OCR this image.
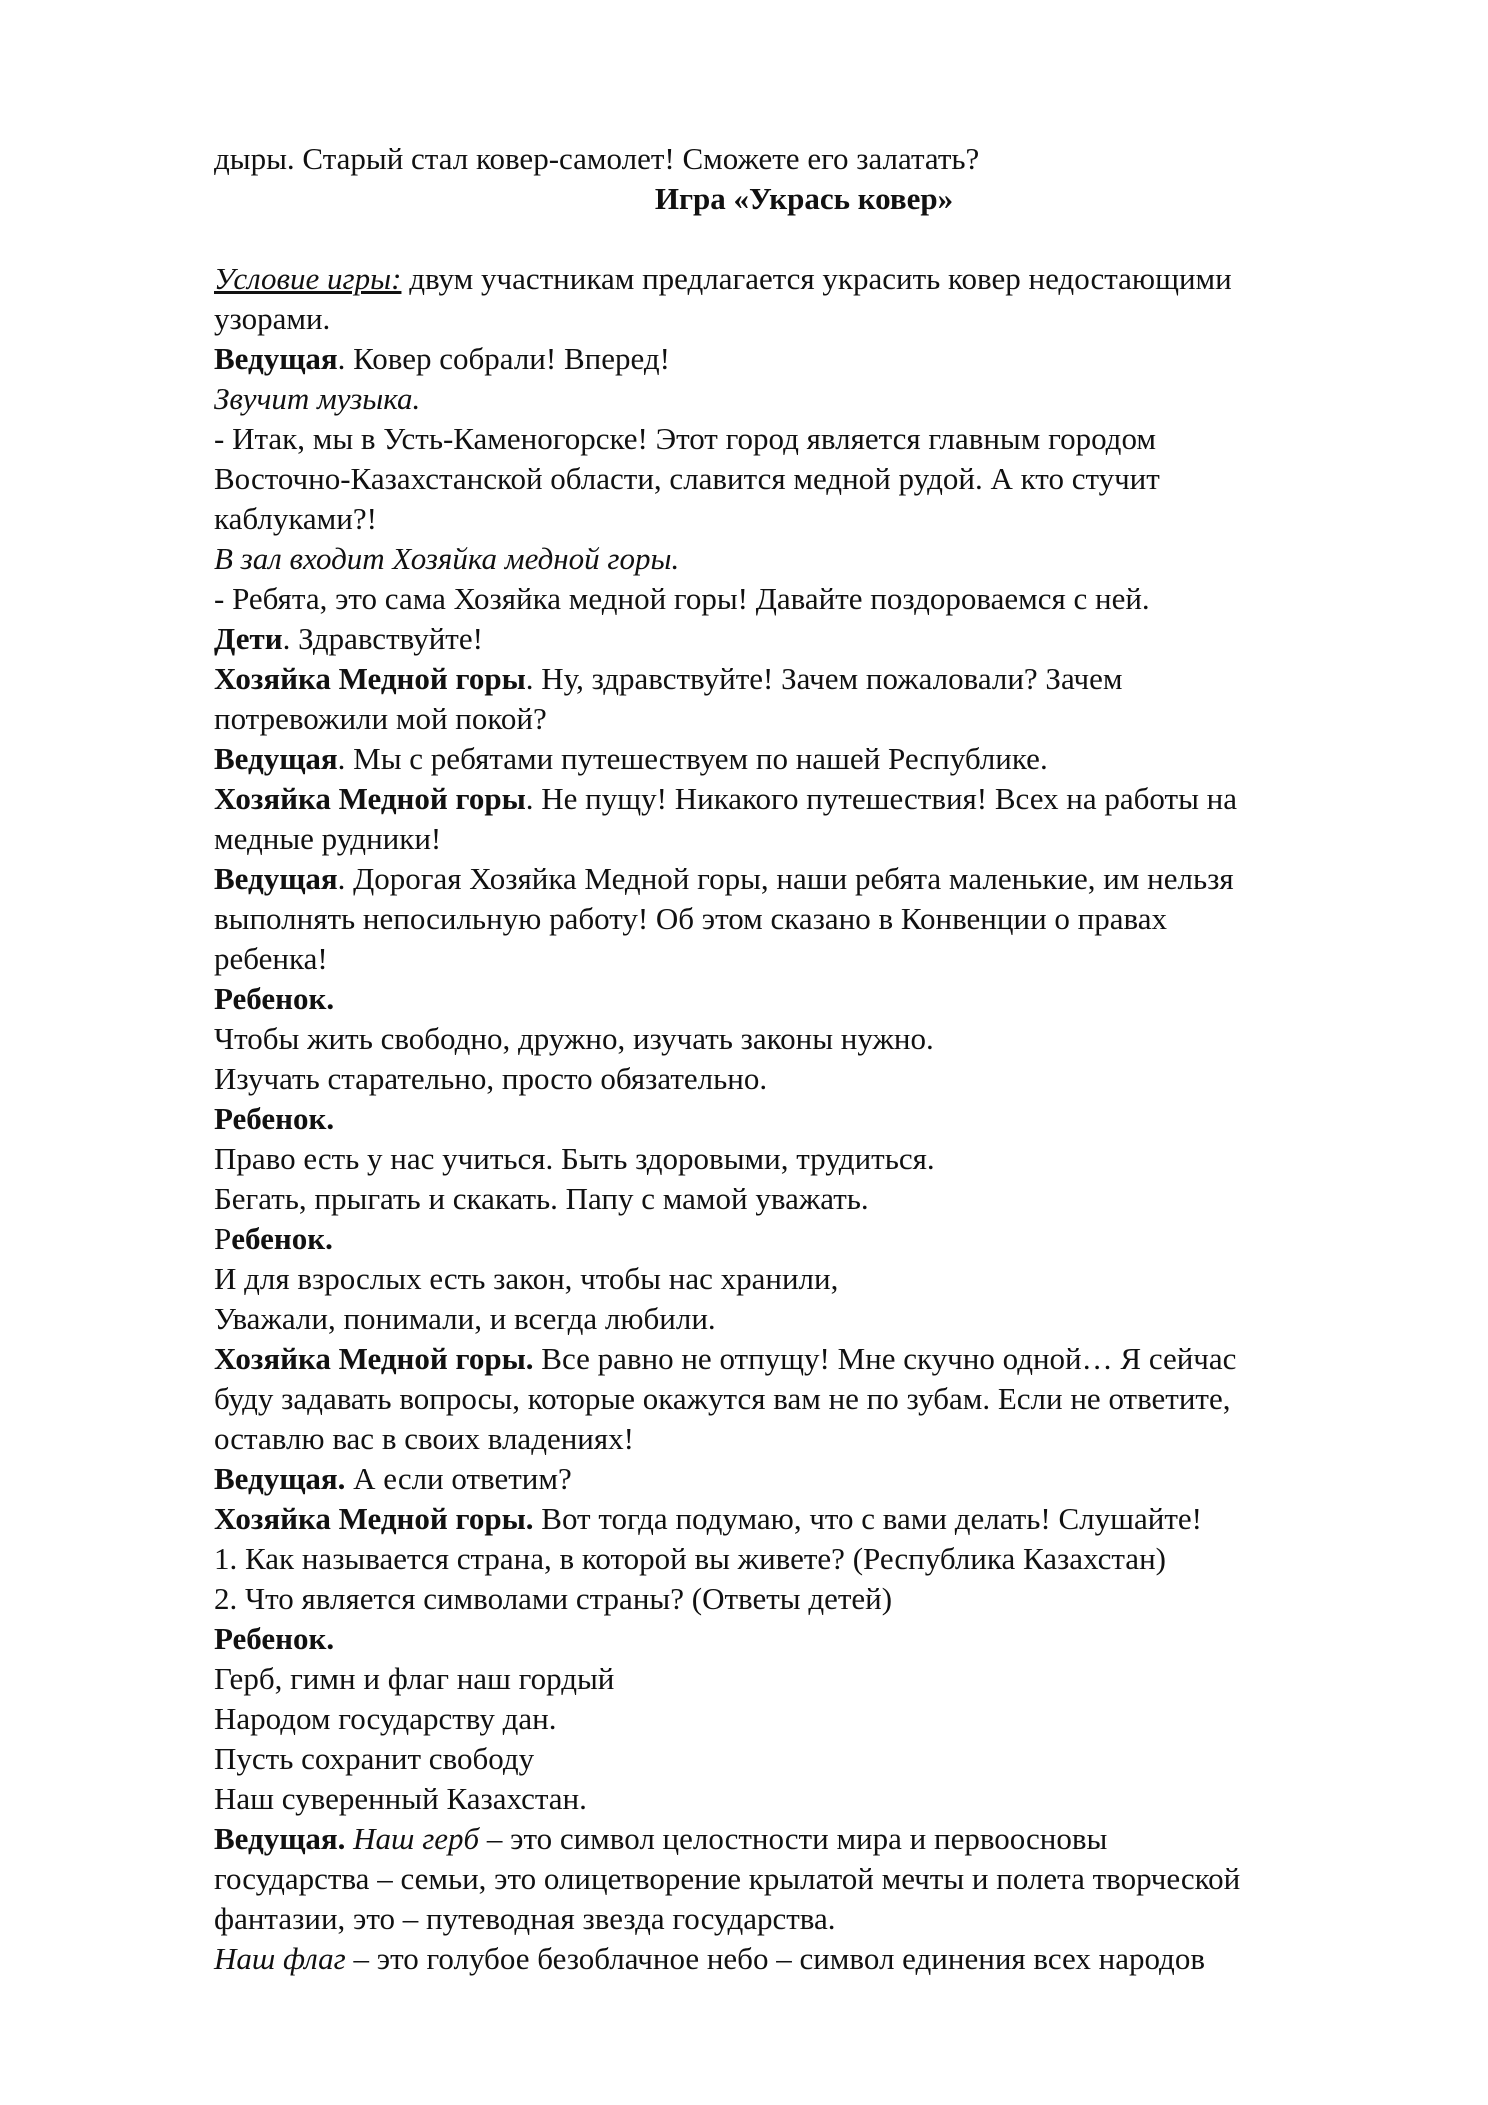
дыры. Старый стал ковер-самолет! Сможете его залатать?
Игра «Укрась ковер»
Условие игры: двум участникам предлагается украсить ковер недостающими
узорами.
Ведущая. Ковер собрали! Вперед!
Звучит музыка.
- Итак, мы в Усть-Каменогорске! Этот город является главным городом
Восточно-Казахстанской области, славится медной рудой. А кто стучит
каблуками?!
В зал входит Хозяйка медной горы.
- Ребята, это сама Хозяйка медной горы! Давайте поздороваемся с ней.
Дети. Здравствуйте!
Хозяйка Медной горы. Ну, здравствуйте! Зачем пожаловали? Зачем
потревожили мой покой?
Ведущая. Мы с ребятами путешествуем по нашей Республике.
Хозяйка Медной горы. Не пущу! Никакого путешествия! Всех на работы на
медные рудники!
Ведущая. Дорогая Хозяйка Медной горы, наши ребята маленькие, им нельзя
выполнять непосильную работу! Об этом сказано в Конвенции о правах
ребенка!
Ребенок.
Чтобы жить свободно, дружно, изучать законы нужно.
Изучать старательно, просто обязательно.
Ребенок.
Право есть у нас учиться. Быть здоровыми, трудиться.
Бегать, прыгать и скакать. Папу с мамой уважать.
Ребенок.
И для взрослых есть закон, чтобы нас хранили,
Уважали, понимали, и всегда любили.
Хозяйка Медной горы. Все равно не отпущу! Мне скучно одной… Я сейчас
буду задавать вопросы, которые окажутся вам не по зубам. Если не ответите,
оставлю вас в своих владениях!
Ведущая. А если ответим?
Хозяйка Медной горы. Вот тогда подумаю, что с вами делать! Слушайте!
1. Как называется страна, в которой вы живете? (Республика Казахстан)
2. Что является символами страны? (Ответы детей)
Ребенок.
Герб, гимн и флаг наш гордый
Народом государству дан.
Пусть сохранит свободу
Наш суверенный Казахстан.
Ведущая. Наш герб – это символ целостности мира и первоосновы
государства – семьи, это олицетворение крылатой мечты и полета творческой
фантазии, это – путеводная звезда государства.
Наш флаг – это голубое безоблачное небо – символ единения всех народов
